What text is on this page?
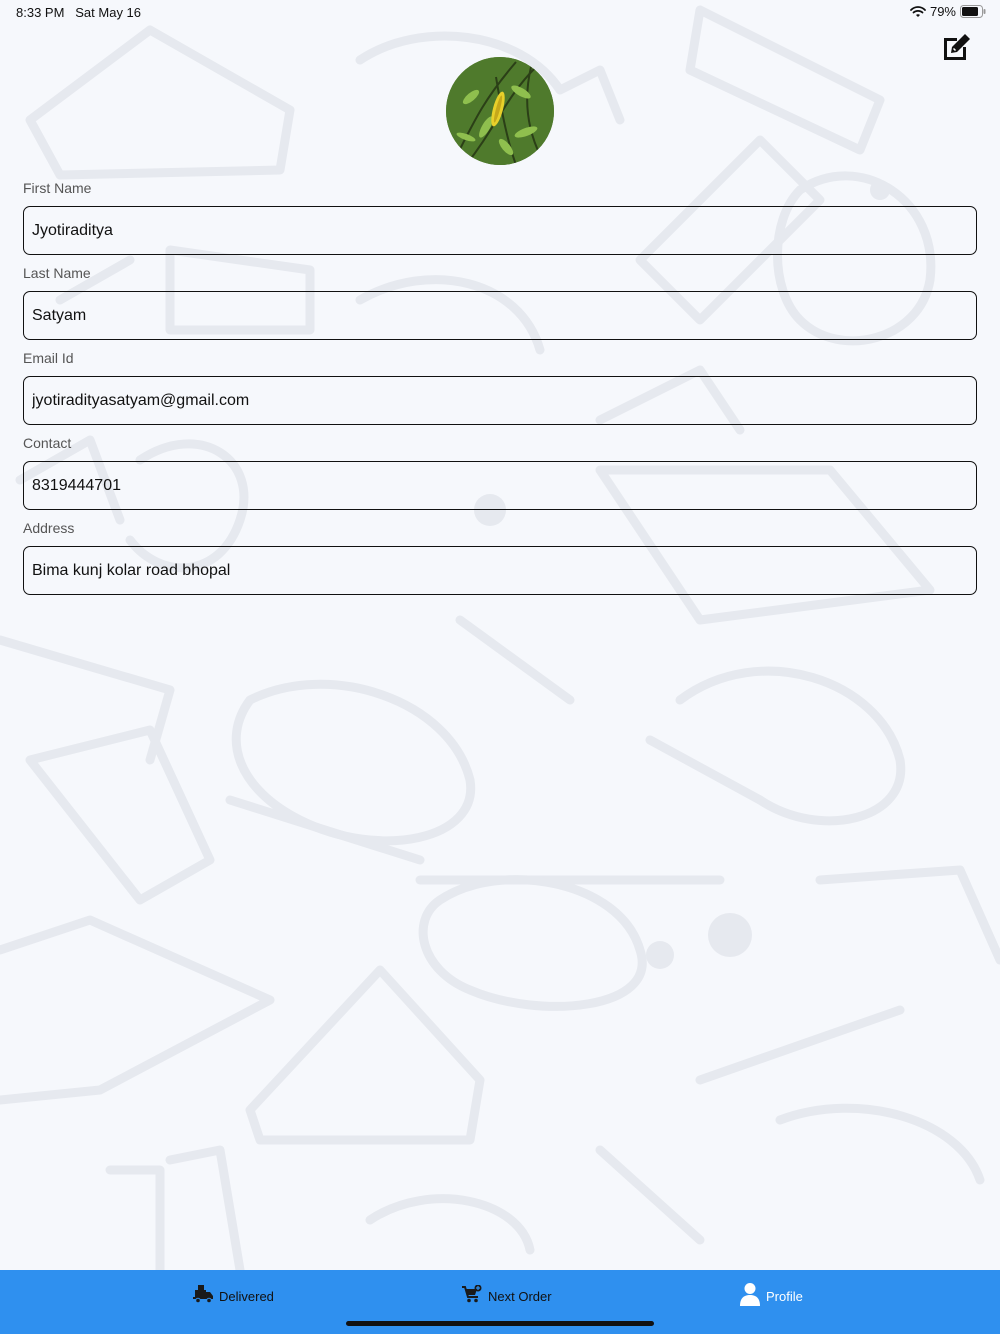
8:33 PM Sat May 16	79%
First Name
Jyotiraditya
Last Name
Satyam
Email Id
jyotiradityasatyam@gmail.com
Contact
8319444701
Address
Bima kunj kolar road bhopal
Delivered	Next Order	Profile
